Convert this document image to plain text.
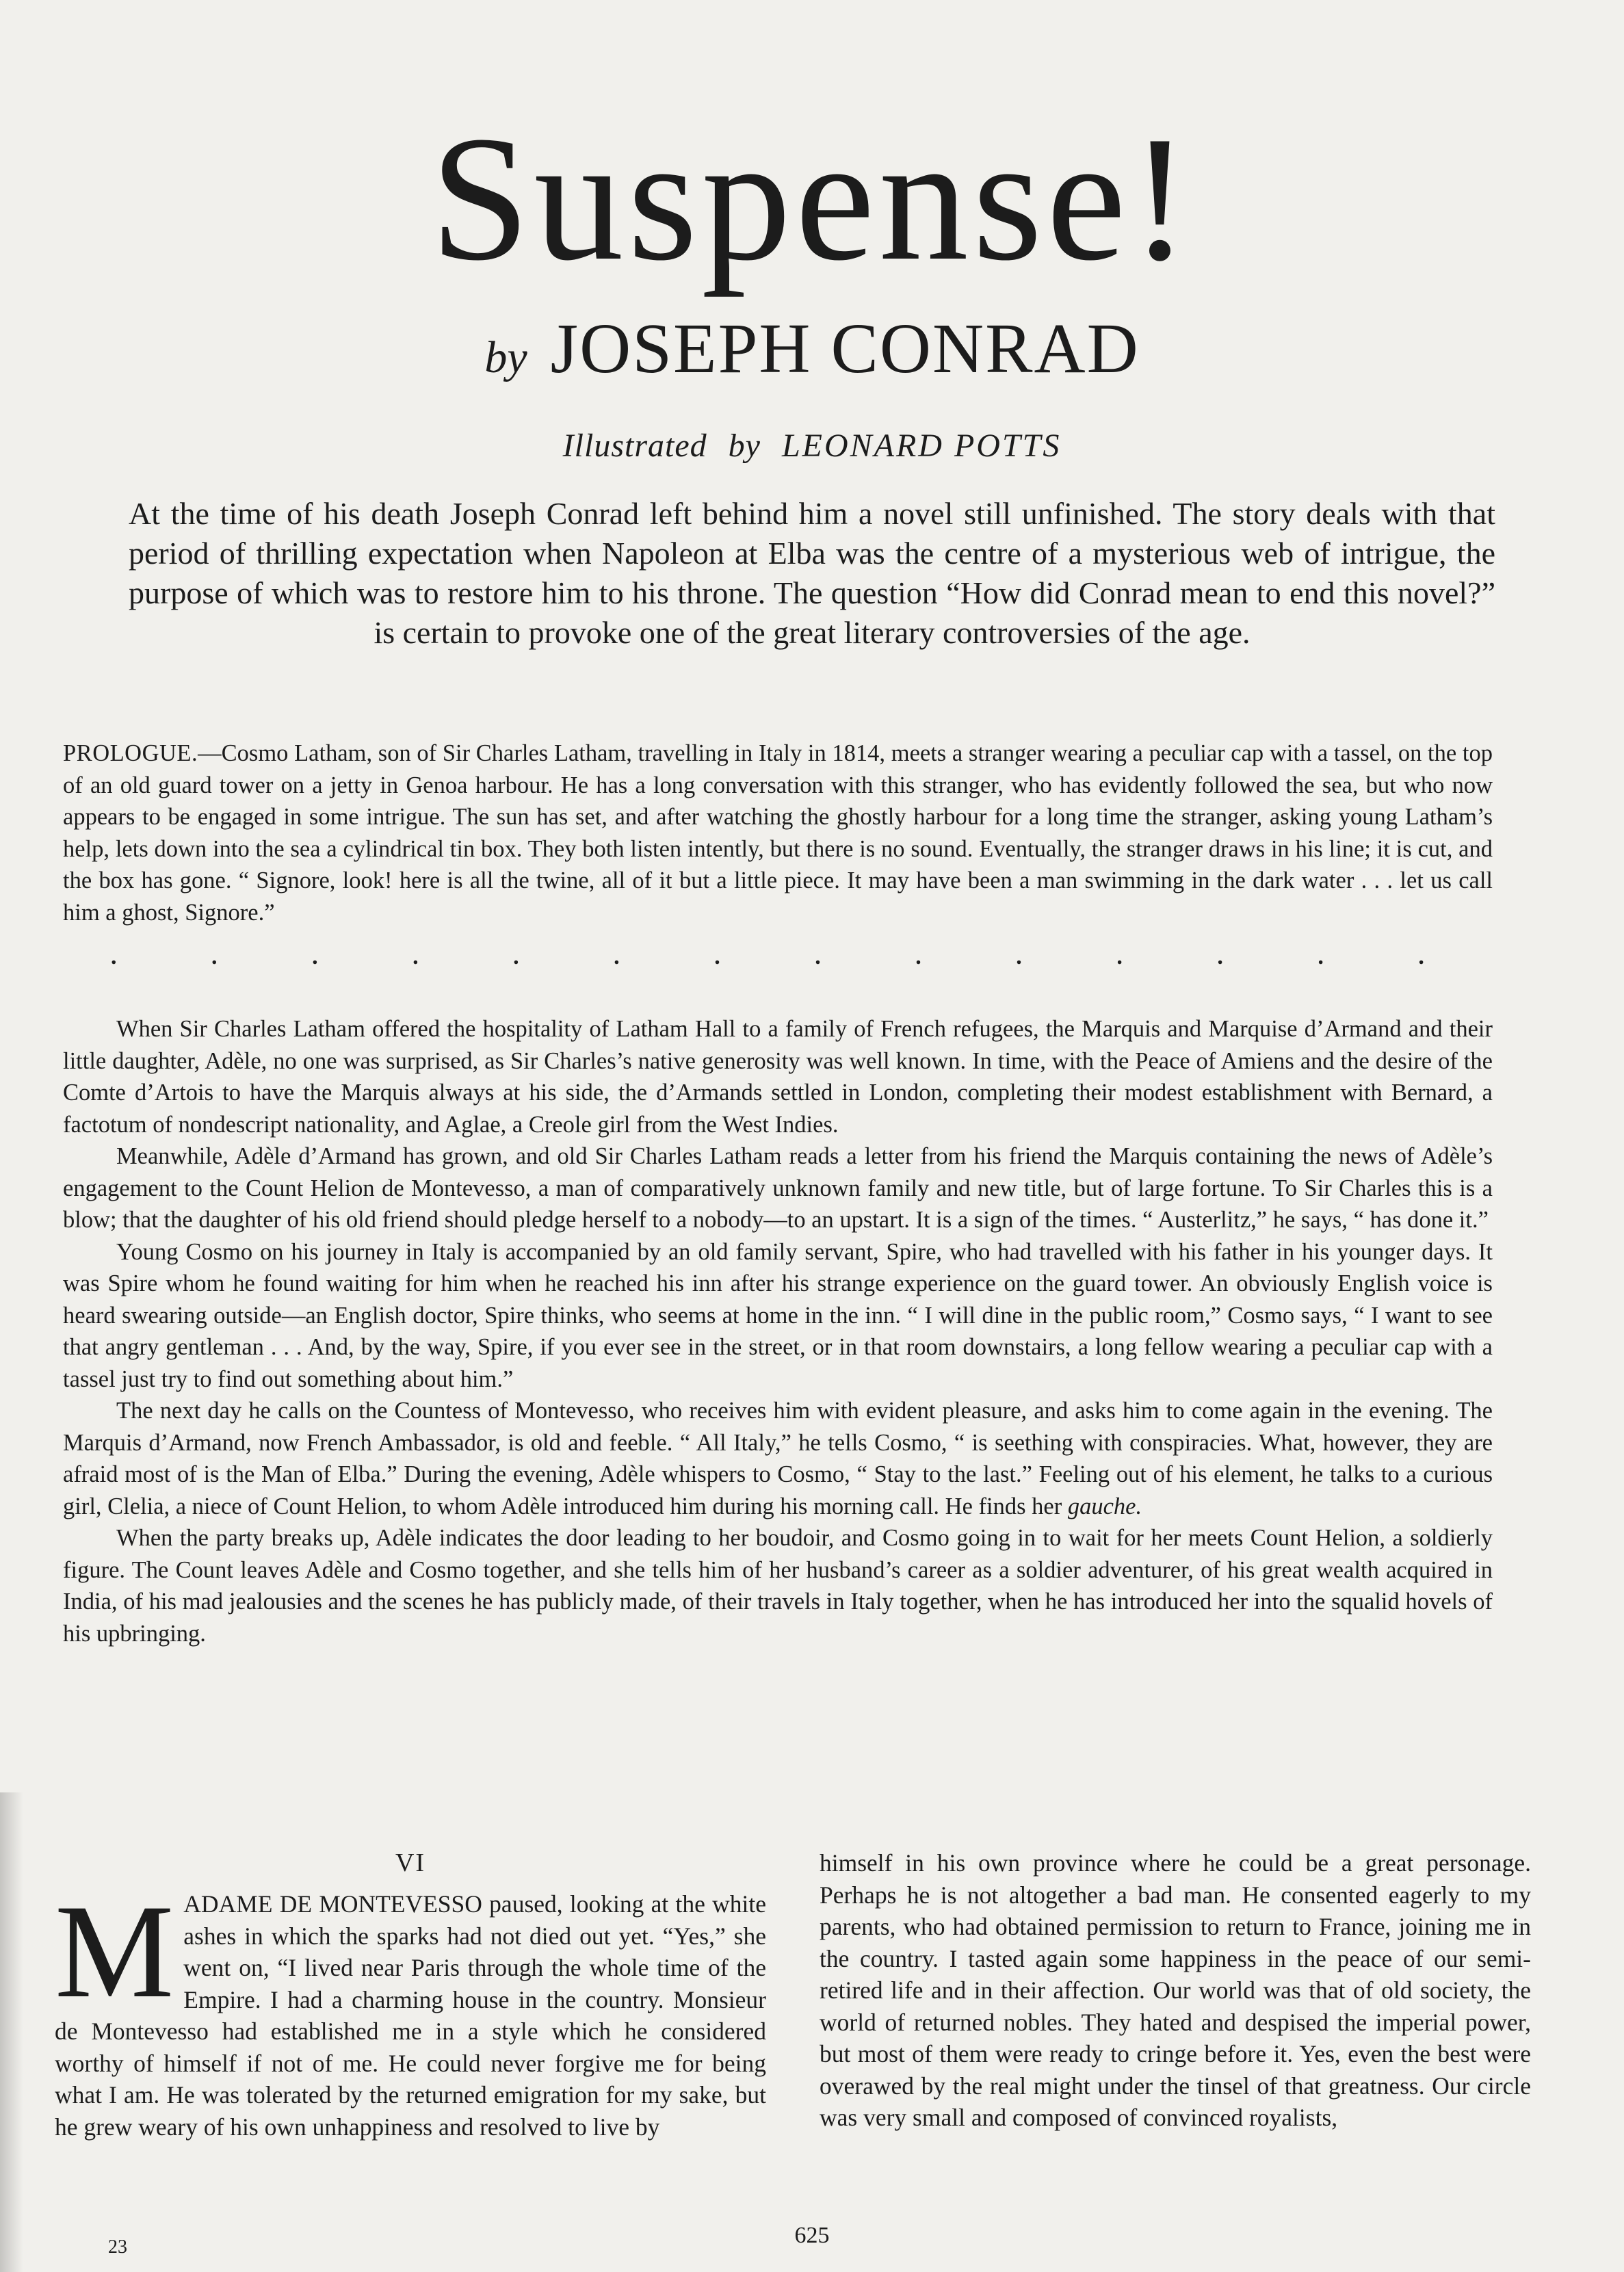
Suspense!
by JOSEPH CONRAD
Illustrated by LEONARD POTTS

At the time of his death Joseph Conrad left behind him a novel still unfinished. The story deals with that period of thrilling expectation when Napoleon at Elba was the centre of a mysterious web of intrigue, the purpose of which was to restore him to his throne. The question “How did Conrad mean to end this novel?” is certain to provoke one of the great literary controversies of the age.

PROLOGUE.—Cosmo Latham, son of Sir Charles Latham, travelling in Italy in 1814, meets a stranger wearing a peculiar cap with a tassel, on the top of an old guard tower on a jetty in Genoa harbour. He has a long conversation with this stranger, who has evidently followed the sea, but who now appears to be engaged in some intrigue. The sun has set, and after watching the ghostly harbour for a long time the stranger, asking young Latham’s help, lets down into the sea a cylindrical tin box. They both listen intently, but there is no sound. Eventually, the stranger draws in his line; it is cut, and the box has gone. “ Signore, look! here is all the twine, all of it but a little piece. It may have been a man swimming in the dark water . . . let us call him a ghost, Signore.”

.	.	.	.	.	.	.	.	.	.	.	.	.	.

When Sir Charles Latham offered the hospitality of Latham Hall to a family of French refugees, the Marquis and Marquise d’Armand and their little daughter, Adèle, no one was surprised, as Sir Charles’s native generosity was well known. In time, with the Peace of Amiens and the desire of the Comte d’Artois to have the Marquis always at his side, the d’Armands settled in London, completing their modest establishment with Bernard, a factotum of nondescript nationality, and Aglae, a Creole girl from the West Indies.

Meanwhile, Adèle d’Armand has grown, and old Sir Charles Latham reads a letter from his friend the Marquis containing the news of Adèle’s engagement to the Count Helion de Montevesso, a man of comparatively unknown family and new title, but of large fortune. To Sir Charles this is a blow; that the daughter of his old friend should pledge herself to a nobody—to an upstart. It is a sign of the times. “ Austerlitz,” he says, “ has done it.”

Young Cosmo on his journey in Italy is accompanied by an old family servant, Spire, who had travelled with his father in his younger days. It was Spire whom he found waiting for him when he reached his inn after his strange experience on the guard tower. An obviously English voice is heard swearing outside—an English doctor, Spire thinks, who seems at home in the inn. “ I will dine in the public room,” Cosmo says, “ I want to see that angry gentleman . . . And, by the way, Spire, if you ever see in the street, or in that room downstairs, a long fellow wearing a peculiar cap with a tassel just try to find out something about him.”

The next day he calls on the Countess of Montevesso, who receives him with evident pleasure, and asks him to come again in the evening. The Marquis d’Armand, now French Ambassador, is old and feeble. “ All Italy,” he tells Cosmo, “ is seething with conspiracies. What, however, they are afraid most of is the Man of Elba.” During the evening, Adèle whispers to Cosmo, “ Stay to the last.” Feeling out of his element, he talks to a curious girl, Clelia, a niece of Count Helion, to whom Adèle introduced him during his morning call. He finds her gauche.

When the party breaks up, Adèle indicates the door leading to her boudoir, and Cosmo going in to wait for her meets Count Helion, a soldierly figure. The Count leaves Adèle and Cosmo together, and she tells him of her husband’s career as a soldier adventurer, of his great wealth acquired in India, of his mad jealousies and the scenes he has publicly made, of their travels in Italy together, when he has introduced her into the squalid hovels of his upbringing.

VI

MADAME DE MONTEVESSO paused, looking at the white ashes in which the sparks had not died out yet. “Yes,” she went on, “I lived near Paris through the whole time of the Empire. I had a charming house in the country. Monsieur de Montevesso had established me in a style which he considered worthy of himself if not of me. He could never forgive me for being what I am. He was tolerated by the returned emigration for my sake, but he grew weary of his own unhappiness and resolved to live by

himself in his own province where he could be a great personage. Perhaps he is not altogether a bad man. He consented eagerly to my parents, who had obtained permission to return to France, joining me in the country. I tasted again some happiness in the peace of our semi-retired life and in their affection. Our world was that of old society, the world of returned nobles. They hated and despised the imperial power, but most of them were ready to cringe before it. Yes, even the best were overawed by the real might under the tinsel of that greatness. Our circle was very small and composed of convinced royalists,

23	625
